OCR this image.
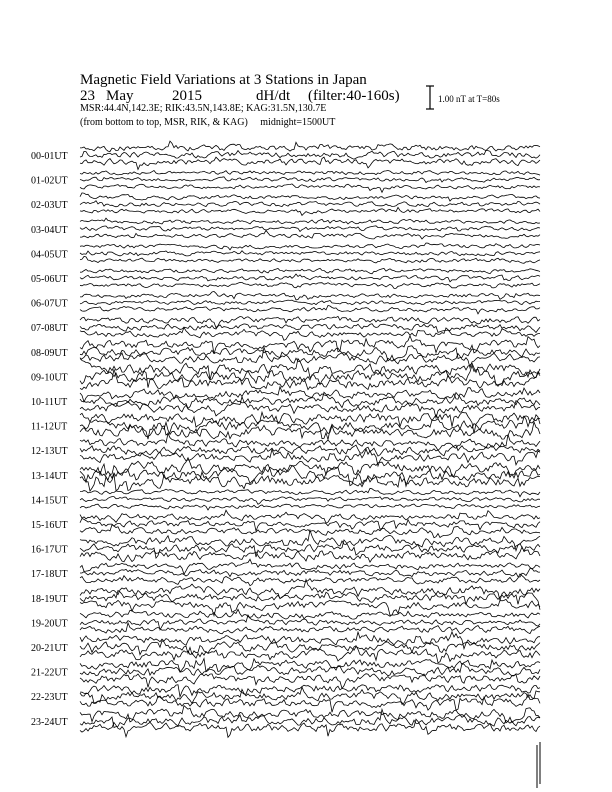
Magnetic Field Variations at 3 Stations in Japan
23 May	2015	dH/dt (filter:40-160s)
MSR:44.4N,142.3E; RIK:43.5N,143.8E; KAG:31.5N,130.7E
(from bottom to top, MSR, RIK, & KAG) midnight=1500UT
1.00 nT at T=80s
00-01UT
01-02UT
02-03UT
03-04UT
04-05UT
05-06UT
06-07UT
07-08UT
08-09UT
09-10UT
10-11UT
11-12UT
12-13UT
13-14UT
14-15UT
15-16UT
16-17UT
17-18UT
18-19UT
19-20UT
20-21UT
21-22UT
22-23UT
23-24UT
